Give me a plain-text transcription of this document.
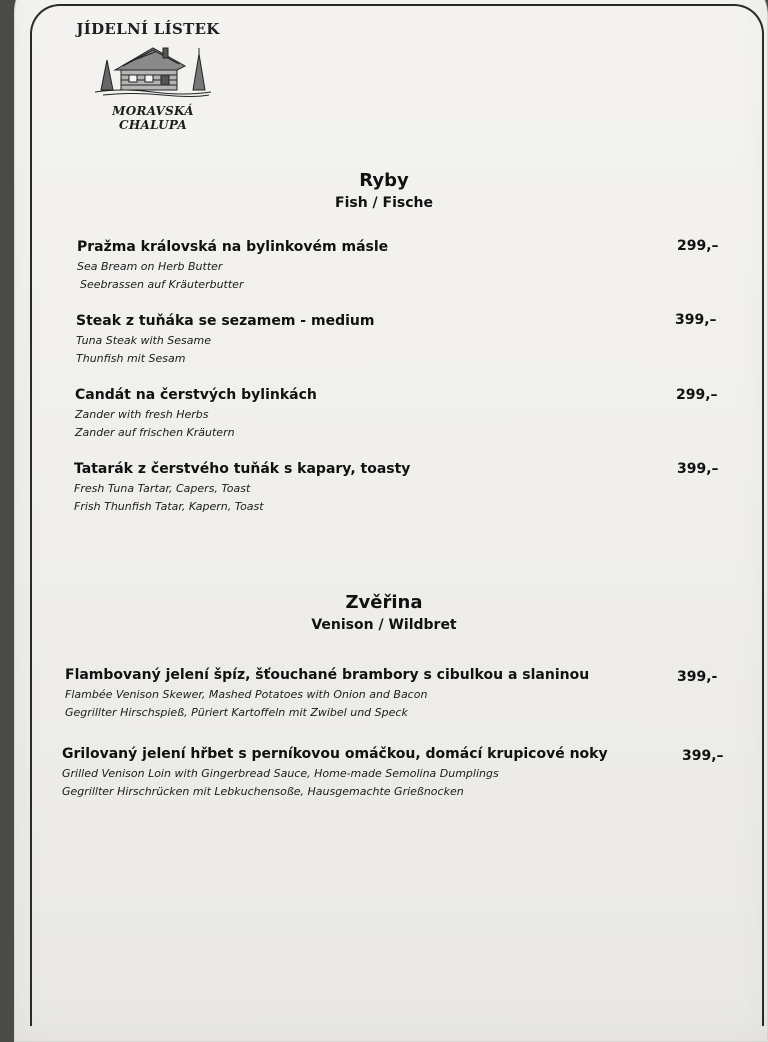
JÍDELNÍ LÍSTEK
MORAVSKÁ CHALUPA
Ryby
Fish / Fische
Pražma královská na bylinkovém másle
Sea Bream on Herb Butter
Seebrassen auf Kräuterbutter
299,–
Steak z tuňáka se sezamem - medium
Tuna Steak with Sesame
Thunfish mit Sesam
399,–
Candát na čerstvých bylinkách
Zander with fresh Herbs
Zander auf frischen Kräutern
299,–
Tatarák z čerstvého tuňák s kapary, toasty
Fresh Tuna Tartar, Capers, Toast
Frish Thunfish Tatar, Kapern, Toast
399,–
Zvěřina
Venison / Wildbret
Flambovaný jelení špíz, šťouchané brambory s cibulkou a slaninou
Flambée Venison Skewer, Mashed Potatoes with Onion and Bacon
Gegrillter Hirschspieß, Püriert Kartoffeln mit Zwibel und Speck
399,-
Grilovaný jelení hřbet s perníkovou omáčkou, domácí krupicové noky
Grilled Venison Loin with Gingerbread Sauce, Home-made Semolina Dumplings
Gegrillter Hirschrücken mit Lebkuchensoße, Hausgemachte Grießnocken
399,–
